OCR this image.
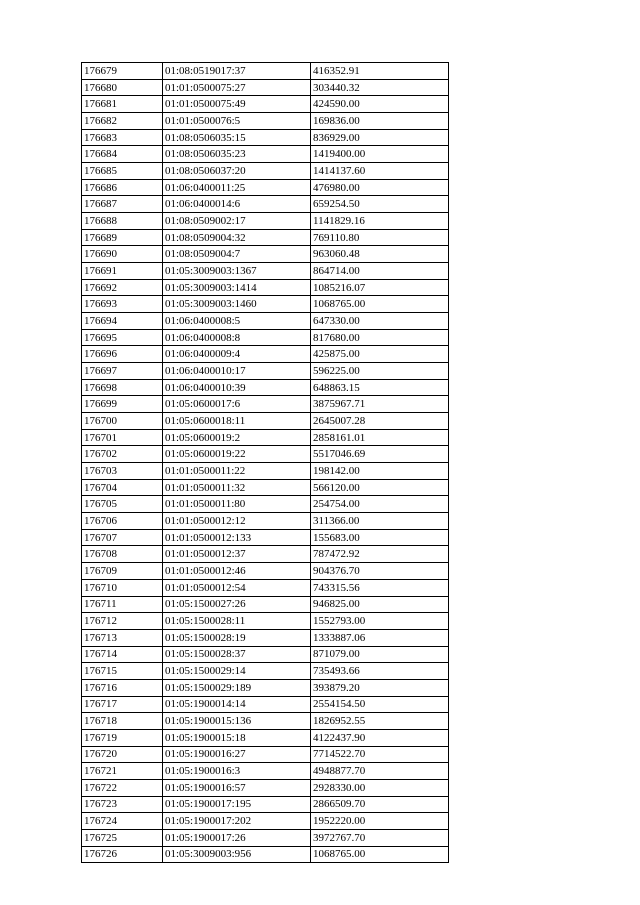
176679	01:08:0519017:37	416352.91
176680	01:01:0500075:27	303440.32
176681	01:01:0500075:49	424590.00
176682	01:01:0500076:5	169836.00
176683	01:08:0506035:15	836929.00
176684	01:08:0506035:23	1419400.00
176685	01:08:0506037:20	1414137.60
176686	01:06:0400011:25	476980.00
176687	01:06:0400014:6	659254.50
176688	01:08:0509002:17	1141829.16
176689	01:08:0509004:32	769110.80
176690	01:08:0509004:7	963060.48
176691	01:05:3009003:1367	864714.00
176692	01:05:3009003:1414	1085216.07
176693	01:05:3009003:1460	1068765.00
176694	01:06:0400008:5	647330.00
176695	01:06:0400008:8	817680.00
176696	01:06:0400009:4	425875.00
176697	01:06:0400010:17	596225.00
176698	01:06:0400010:39	648863.15
176699	01:05:0600017:6	3875967.71
176700	01:05:0600018:11	2645007.28
176701	01:05:0600019:2	2858161.01
176702	01:05:0600019:22	5517046.69
176703	01:01:0500011:22	198142.00
176704	01:01:0500011:32	566120.00
176705	01:01:0500011:80	254754.00
176706	01:01:0500012:12	311366.00
176707	01:01:0500012:133	155683.00
176708	01:01:0500012:37	787472.92
176709	01:01:0500012:46	904376.70
176710	01:01:0500012:54	743315.56
176711	01:05:1500027:26	946825.00
176712	01:05:1500028:11	1552793.00
176713	01:05:1500028:19	1333887.06
176714	01:05:1500028:37	871079.00
176715	01:05:1500029:14	735493.66
176716	01:05:1500029:189	393879.20
176717	01:05:1900014:14	2554154.50
176718	01:05:1900015:136	1826952.55
176719	01:05:1900015:18	4122437.90
176720	01:05:1900016:27	7714522.70
176721	01:05:1900016:3	4948877.70
176722	01:05:1900016:57	2928330.00
176723	01:05:1900017:195	2866509.70
176724	01:05:1900017:202	1952220.00
176725	01:05:1900017:26	3972767.70
176726	01:05:3009003:956	1068765.00
